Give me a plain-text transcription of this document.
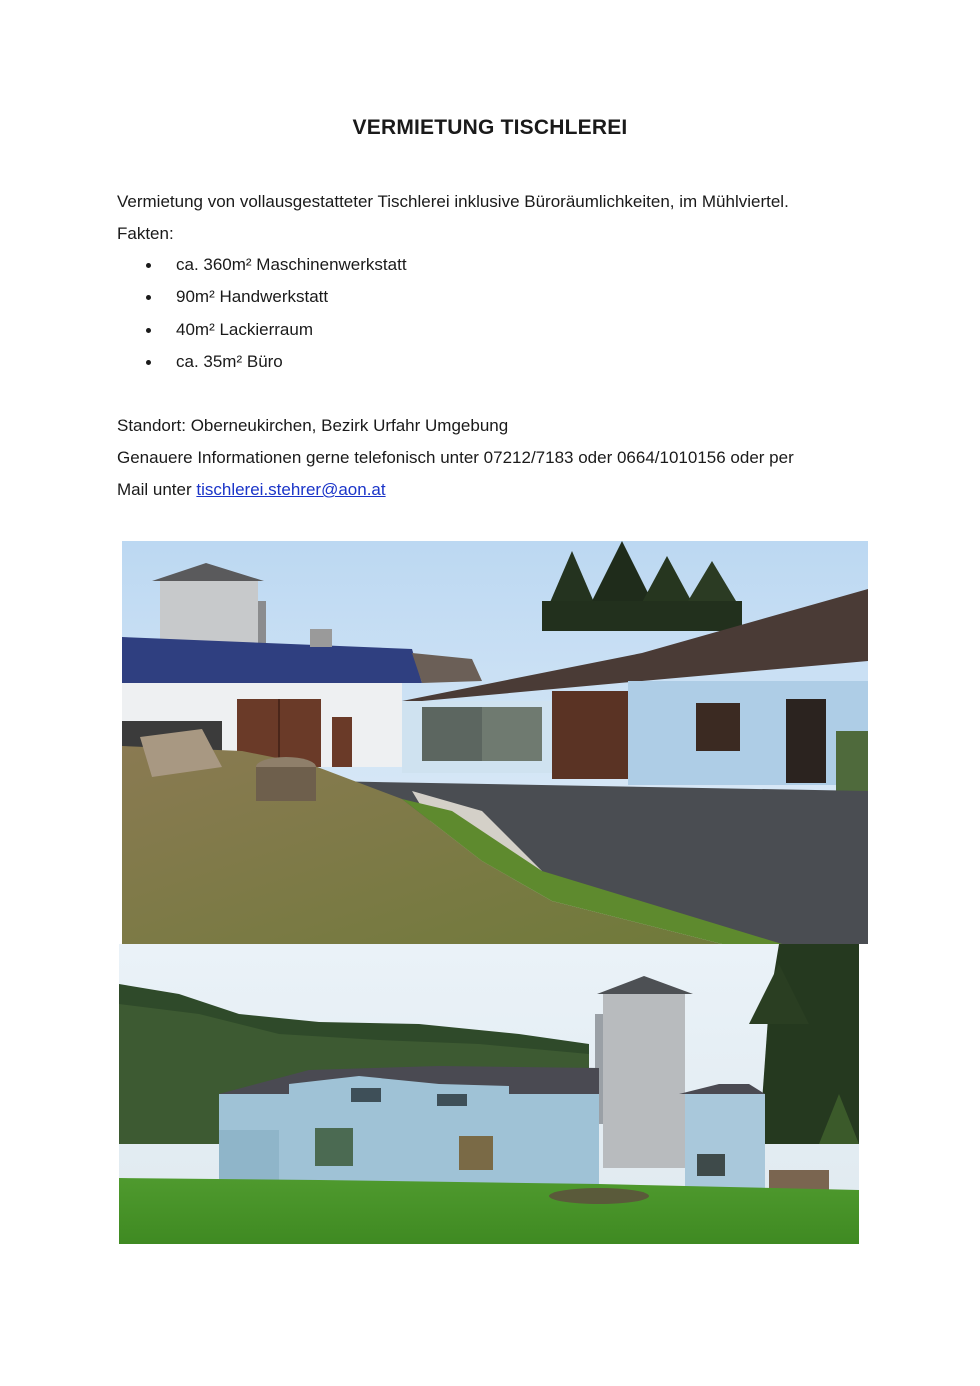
VERMIETUNG TISCHLEREI
Vermietung von vollausgestatteter Tischlerei inklusive Büroräumlichkeiten, im Mühlviertel.
Fakten:
ca. 360m² Maschinenwerkstatt
90m² Handwerkstatt
40m² Lackierraum
ca. 35m² Büro
Standort: Oberneukirchen, Bezirk Urfahr Umgebung
Genauere Informationen gerne telefonisch unter 07212/7183 oder 0664/1010156 oder per
Mail unter tischlerei.stehrer@aon.at
